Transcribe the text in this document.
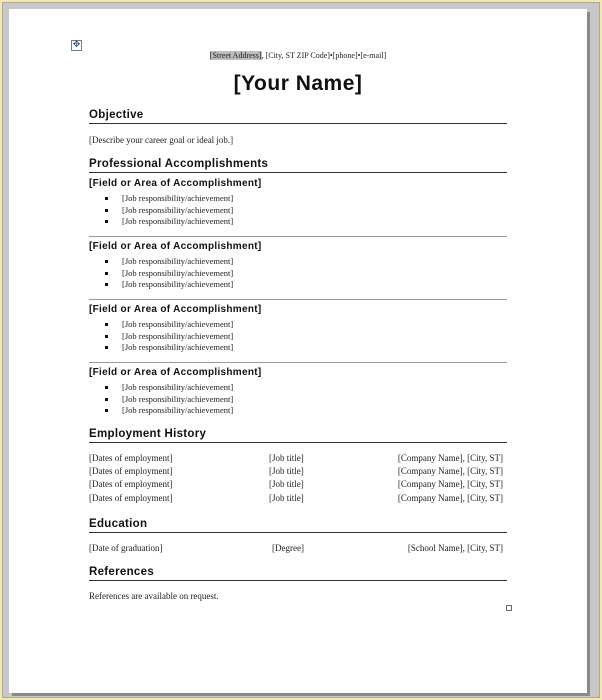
✥
[Street Address], [City, ST ZIP Code]•[phone]•[e-mail]
[Your Name]
Objective
[Describe your career goal or ideal job.]
Professional Accomplishments
[Field or Area of Accomplishment]
[Job responsibility/achievement]
[Job responsibility/achievement]
[Job responsibility/achievement]
[Field or Area of Accomplishment]
[Job responsibility/achievement]
[Job responsibility/achievement]
[Job responsibility/achievement]
[Field or Area of Accomplishment]
[Job responsibility/achievement]
[Job responsibility/achievement]
[Job responsibility/achievement]
[Field or Area of Accomplishment]
[Job responsibility/achievement]
[Job responsibility/achievement]
[Job responsibility/achievement]
Employment History
[Dates of employment]	[Job title]	[Company Name], [City, ST]
[Dates of employment]	[Job title]	[Company Name], [City, ST]
[Dates of employment]	[Job title]	[Company Name], [City, ST]
[Dates of employment]	[Job title]	[Company Name], [City, ST]
Education
[Date of graduation]	[Degree]	[School Name], [City, ST]
References
References are available on request.
